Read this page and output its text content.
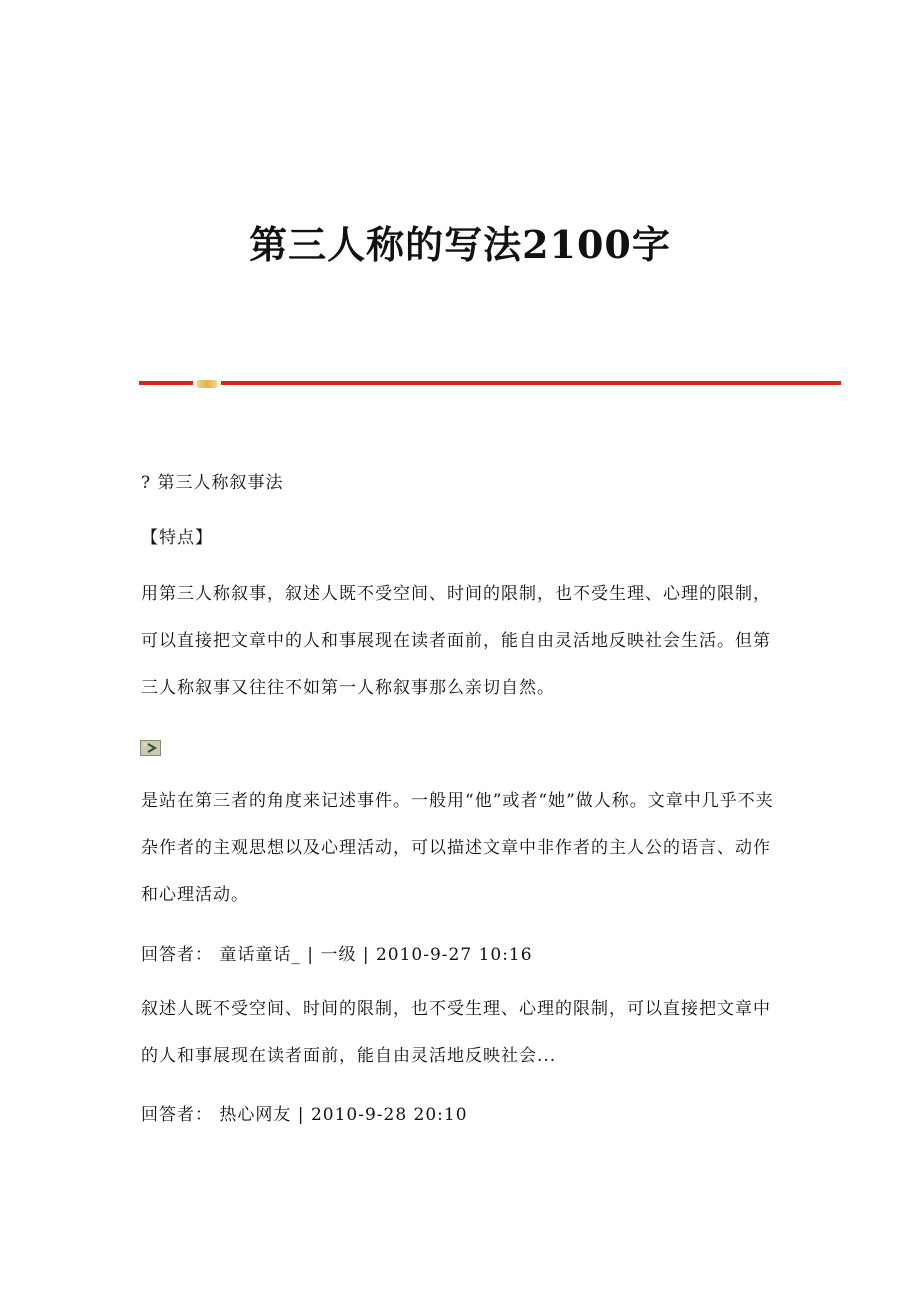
第三人称的写法2100字
? 第三人称叙事法
【特点】
用第三人称叙事，叙述人既不受空间、时间的限制，也不受生理、心理的限制，可以直接把文章中的人和事展现在读者面前，能自由灵活地反映社会生活。但第三人称叙事又往往不如第一人称叙事那么亲切自然。
是站在第三者的角度来记述事件。一般用“他”或者“她”做人称。文章中几乎不夹杂作者的主观思想以及心理活动，可以描述文章中非作者的主人公的语言、动作和心理活动。
回答者： 童话童话_ | 一级 | 2010-9-27 10:16
叙述人既不受空间、时间的限制，也不受生理、心理的限制，可以直接把文章中的人和事展现在读者面前，能自由灵活地反映社会...
回答者： 热心网友 | 2010-9-28 20:10
